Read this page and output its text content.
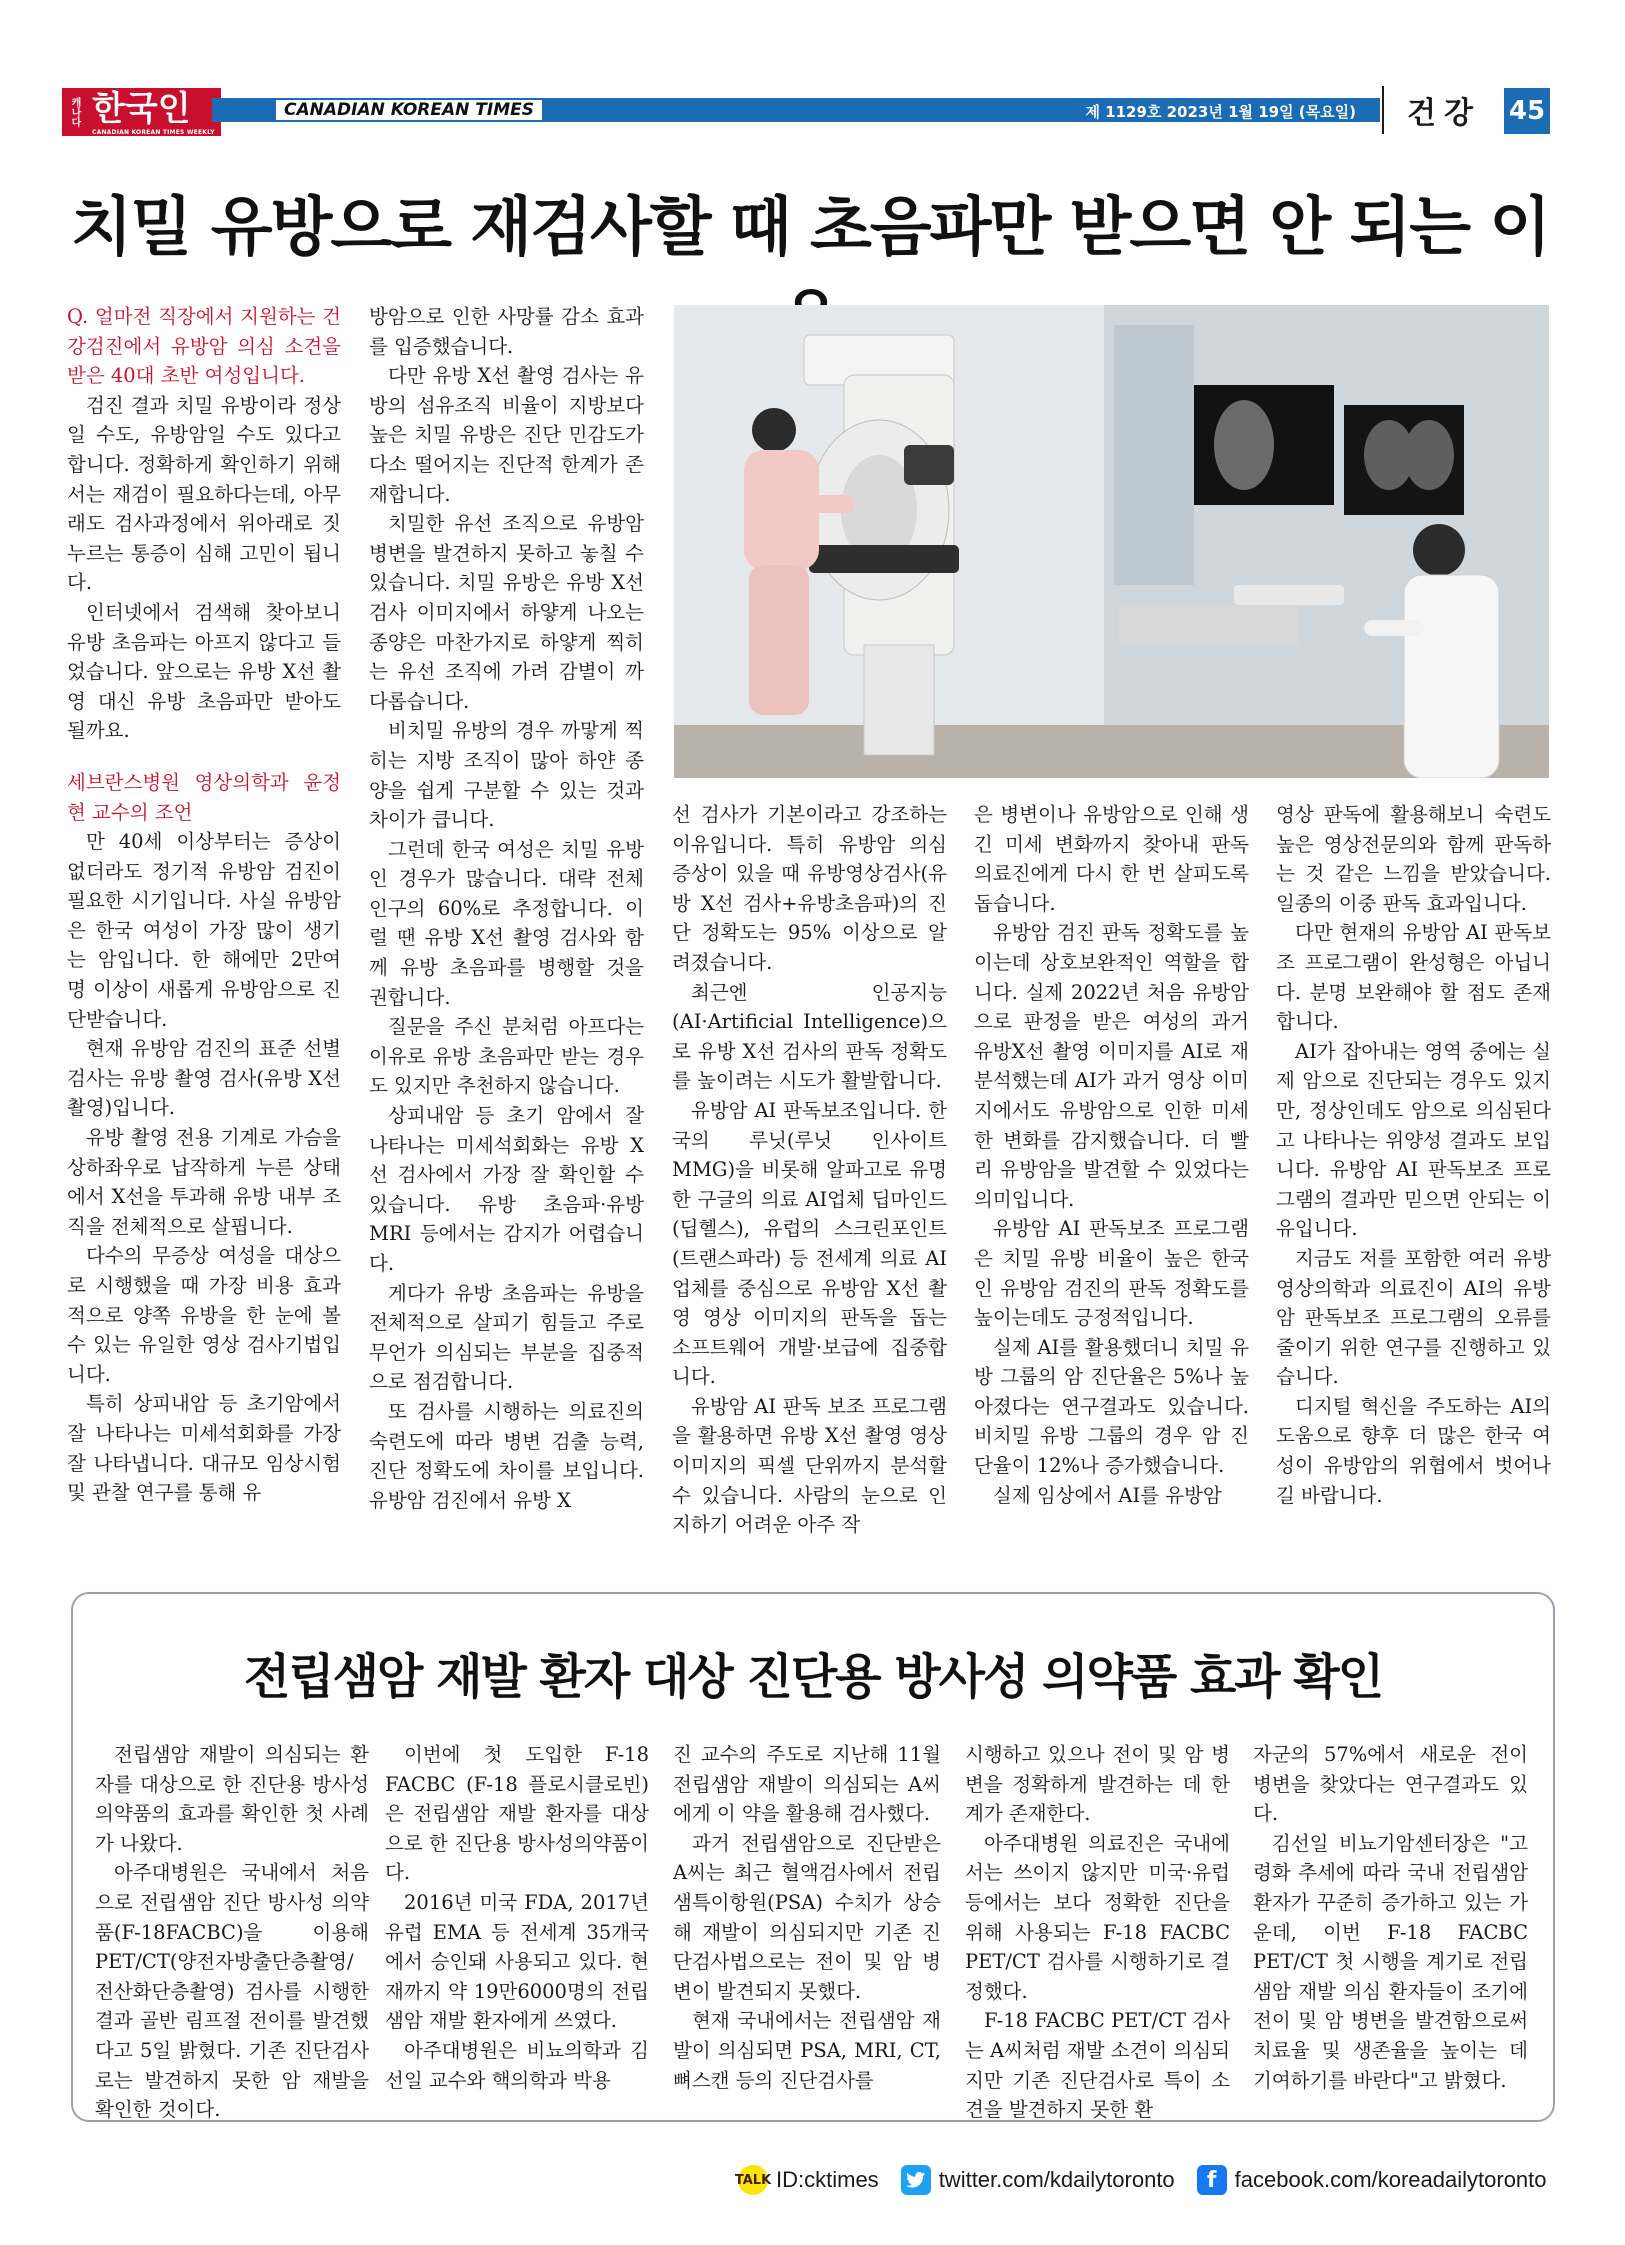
캐나다 한국인
CANADIAN KOREAN TIMES WEEKLY
CANADIAN KOREAN TIMES	제 1129호 2023년 1월 19일 (목요일) 건강 45
치밀 유방으로 재검사할 때 초음파만 받으면 안 되는 이

Q. 얼마전 직장에서 지원하는 건강검진에서 유방암 의심 소견을 받은 40대 초반 여성입니다.

검진 결과 치밀 유방이라 정상일 수도, 유방암일 수도 있다고 합니다. 정확하게 확인하기 위해서는 재검이 필요하다는데, 아무래도 검사과정에서 위아래로 짓누르는 통증이 심해 고민이 됩니다.

인터넷에서 검색해 찾아보니 유방 초음파는 아프지 않다고 들었습니다. 앞으로는 유방 X선 촬영 대신 유방 초음파만 받아도 될까요.

세브란스병원 영상의학과 윤정현 교수의 조언

만 40세 이상부터는 증상이 없더라도 정기적 유방암 검진이 필요한 시기입니다. 사실 유방암은 한국 여성이 가장 많이 생기는 암입니다. 한 해에만 2만여 명 이상이 새롭게 유방암으로 진단받습니다.

현재 유방암 검진의 표준 선별검사는 유방 촬영 검사(유방 X선 촬영)입니다.

유방 촬영 전용 기계로 가슴을 상하좌우로 납작하게 누른 상태에서 X선을 투과해 유방 내부 조직을 전체적으로 살핍니다.

다수의 무증상 여성을 대상으로 시행했을 때 가장 비용 효과적으로 양쪽 유방을 한 눈에 볼 수 있는 유일한 영상 검사기법입니다.

특히 상피내암 등 초기암에서 잘 나타나는 미세석회화를 가장 잘 나타냅니다. 대규모 임상시험 및 관찰 연구를 통해 유

방암으로 인한 사망률 감소 효과를 입증했습니다.

다만 유방 X선 촬영 검사는 유방의 섬유조직 비율이 지방보다 높은 치밀 유방은 진단 민감도가 다소 떨어지는 진단적 한계가 존재합니다.

치밀한 유선 조직으로 유방암 병변을 발견하지 못하고 놓칠 수 있습니다. 치밀 유방은 유방 X선 검사 이미지에서 하얗게 나오는 종양은 마찬가지로 하얗게 찍히는 유선 조직에 가려 감별이 까다롭습니다.

비치밀 유방의 경우 까맣게 찍히는 지방 조직이 많아 하얀 종양을 쉽게 구분할 수 있는 것과 차이가 큽니다.

그런데 한국 여성은 치밀 유방인 경우가 많습니다. 대략 전체 인구의 60%로 추정합니다. 이럴 땐 유방 X선 촬영 검사와 함께 유방 초음파를 병행할 것을 권합니다.

질문을 주신 분처럼 아프다는 이유로 유방 초음파만 받는 경우도 있지만 추천하지 않습니다.

상피내암 등 초기 암에서 잘 나타나는 미세석회화는 유방 X선 검사에서 가장 잘 확인할 수 있습니다. 유방 초음파·유방 MRI 등에서는 감지가 어렵습니다.

게다가 유방 초음파는 유방을 전체적으로 살피기 힘들고 주로 무언가 의심되는 부분을 집중적으로 점검합니다.

또 검사를 시행하는 의료진의 숙련도에 따라 병변 검출 능력, 진단 정확도에 차이를 보입니다. 유방암 검진에서 유방 X

선 검사가 기본이라고 강조하는 이유입니다. 특히 유방암 의심 증상이 있을 때 유방영상검사(유방 X선 검사+유방초음파)의 진단 정확도는 95% 이상으로 알려졌습니다.

최근엔 인공지능(AI·Artificial Intelligence)으로 유방 X선 검사의 판독 정확도를 높이려는 시도가 활발합니다.

유방암 AI 판독보조입니다. 한국의 루닛(루닛 인사이트 MMG)을 비롯해 알파고로 유명한 구글의 의료 AI업체 딥마인드(딥헬스), 유럽의 스크린포인트(트랜스파라) 등 전세계 의료 AI업체를 중심으로 유방암 X선 촬영 영상 이미지의 판독을 돕는 소프트웨어 개발·보급에 집중합니다.

유방암 AI 판독 보조 프로그램을 활용하면 유방 X선 촬영 영상 이미지의 픽셀 단위까지 분석할 수 있습니다. 사람의 눈으로 인지하기 어려운 아주 작

은 병변이나 유방암으로 인해 생긴 미세 변화까지 찾아내 판독 의료진에게 다시 한 번 살피도록 돕습니다.

유방암 검진 판독 정확도를 높이는데 상호보완적인 역할을 합니다. 실제 2022년 처음 유방암으로 판정을 받은 여성의 과거 유방X선 촬영 이미지를 AI로 재분석했는데 AI가 과거 영상 이미지에서도 유방암으로 인한 미세한 변화를 감지했습니다. 더 빨리 유방암을 발견할 수 있었다는 의미입니다.

유방암 AI 판독보조 프로그램은 치밀 유방 비율이 높은 한국인 유방암 검진의 판독 정확도를 높이는데도 긍정적입니다.

실제 AI를 활용했더니 치밀 유방 그룹의 암 진단율은 5%나 높아졌다는 연구결과도 있습니다. 비치밀 유방 그룹의 경우 암 진단율이 12%나 증가했습니다.

실제 임상에서 AI를 유방암

영상 판독에 활용해보니 숙련도 높은 영상전문의와 함께 판독하는 것 같은 느낌을 받았습니다. 일종의 이중 판독 효과입니다.

다만 현재의 유방암 AI 판독보조 프로그램이 완성형은 아닙니다. 분명 보완해야 할 점도 존재합니다.

AI가 잡아내는 영역 중에는 실제 암으로 진단되는 경우도 있지만, 정상인데도 암으로 의심된다고 나타나는 위양성 결과도 보입니다. 유방암 AI 판독보조 프로그램의 결과만 믿으면 안되는 이유입니다.

지금도 저를 포함한 여러 유방영상의학과 의료진이 AI의 유방암 판독보조 프로그램의 오류를 줄이기 위한 연구를 진행하고 있습니다.

디지털 혁신을 주도하는 AI의 도움으로 향후 더 많은 한국 여성이 유방암의 위협에서 벗어나길 바랍니다.

전립샘암 재발 환자 대상 진단용 방사성 의약품 효과 확인

전립샘암 재발이 의심되는 환자를 대상으로 한 진단용 방사성 의약품의 효과를 확인한 첫 사례가 나왔다.

아주대병원은 국내에서 처음으로 전립샘암 진단 방사성 의약품(F-18FACBC)을 이용해 PET/CT(양전자방출단층촬영/전산화단층촬영) 검사를 시행한 결과 골반 림프절 전이를 발견했다고 5일 밝혔다. 기존 진단검사로는 발견하지 못한 암 재발을 확인한 것이다.

이번에 첫 도입한 F-18 FACBC (F-18 플로시클로빈)은 전립샘암 재발 환자를 대상으로 한 진단용 방사성의약품이다.

2016년 미국 FDA, 2017년 유럽 EMA 등 전세계 35개국에서 승인돼 사용되고 있다. 현재까지 약 19만6000명의 전립샘암 재발 환자에게 쓰였다.

아주대병원은 비뇨의학과 김선일 교수와 핵의학과 박용

진 교수의 주도로 지난해 11월 전립샘암 재발이 의심되는 A씨에게 이 약을 활용해 검사했다.

과거 전립샘암으로 진단받은 A씨는 최근 혈액검사에서 전립샘특이항원(PSA) 수치가 상승해 재발이 의심되지만 기존 진단검사법으로는 전이 및 암 병변이 발견되지 못했다.

현재 국내에서는 전립샘암 재발이 의심되면 PSA, MRI, CT, 뼈스캔 등의 진단검사를

시행하고 있으나 전이 및 암 병변을 정확하게 발견하는 데 한계가 존재한다.

아주대병원 의료진은 국내에서는 쓰이지 않지만 미국·유럽 등에서는 보다 정확한 진단을 위해 사용되는 F-18 FACBC PET/CT 검사를 시행하기로 결정했다.

F-18 FACBC PET/CT 검사는 A씨처럼 재발 소견이 의심되지만 기존 진단검사로 특이 소견을 발견하지 못한 환

자군의 57%에서 새로운 전이 병변을 찾았다는 연구결과도 있다.

김선일 비뇨기암센터장은 "고령화 추세에 따라 국내 전립샘암 환자가 꾸준히 증가하고 있는 가운데, 이번 F-18 FACBC PET/CT 첫 시행을 계기로 전립샘암 재발 의심 환자들이 조기에 전이 및 암 병변을 발견함으로써 치료율 및 생존율을 높이는 데 기여하기를 바란다"고 밝혔다.

TALK ID:cktimes	twitter.com/kdailytoronto	f facebook.com/koreadailytoronto
